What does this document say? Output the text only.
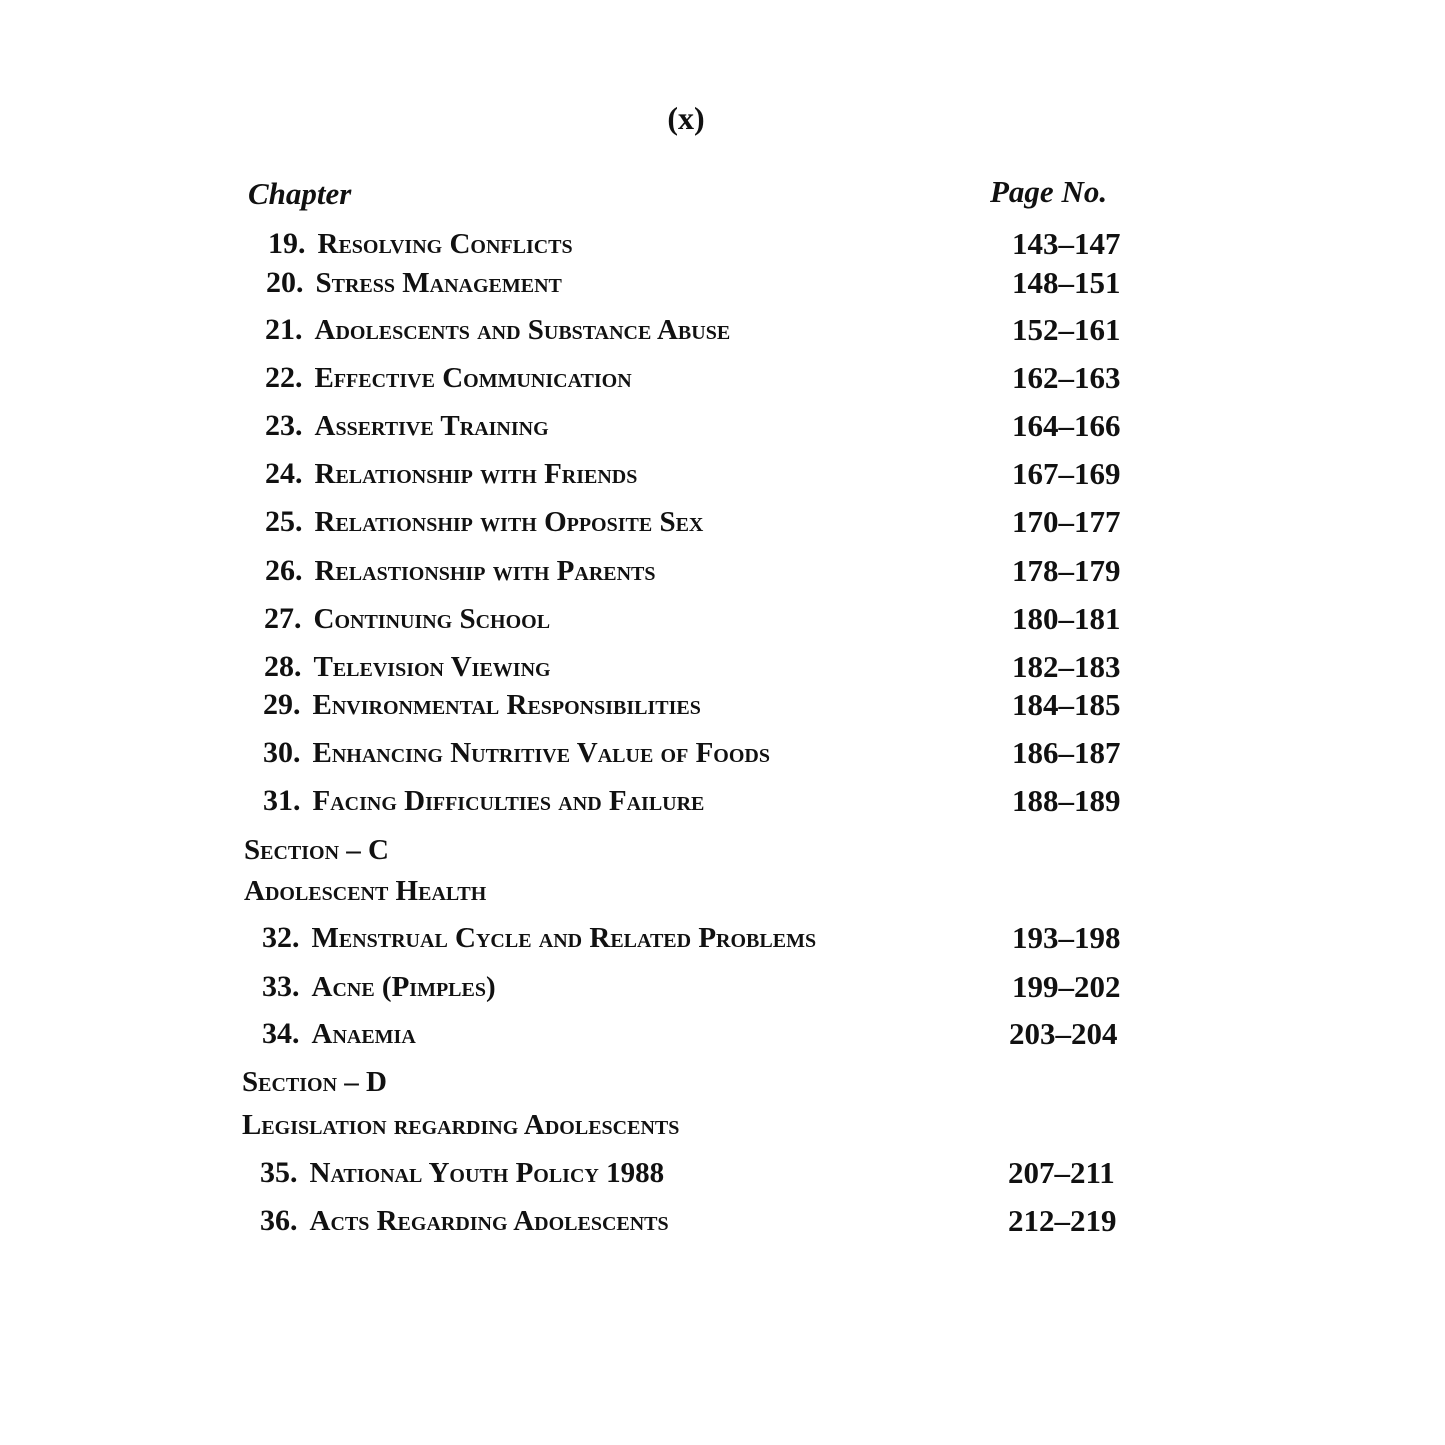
(x)
Chapter	Page No.
19. Resolving Conflicts	143–147
20. Stress Management	148–151
21. Adolescents and Substance Abuse	152–161
22. Effective Communication	162–163
23. Assertive Training	164–166
24. Relationship with Friends	167–169
25. Relationship with Opposite Sex	170–177
26. Relastionship with Parents	178–179
27. Continuing School	180–181
28. Television Viewing	182–183
29. Environmental Responsibilities	184–185
30. Enhancing Nutritive Value of Foods	186–187
31. Facing Difficulties and Failure	188–189
Section – C
Adolescent Health
32. Menstrual Cycle and Related Problems	193–198
33. Acne (Pimples)	199–202
34. Anaemia	203–204
Section – D
Legislation regarding Adolescents
35. National Youth Policy 1988	207–211
36. Acts Regarding Adolescents	212–219
